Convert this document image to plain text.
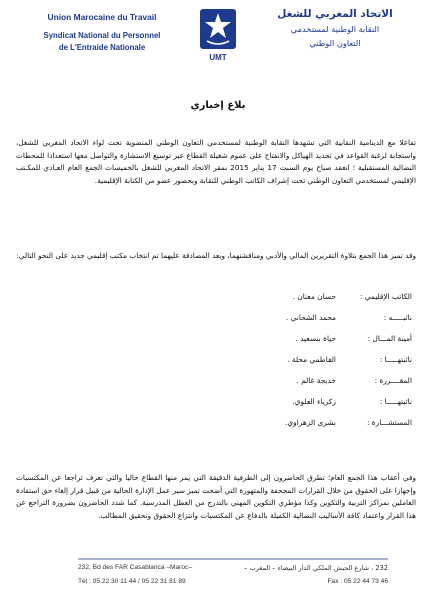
Union Marocaine du Travail
Syndicat National du Personnel
de L'Entraide Nationale
UMT
الاتحاد المغربي للشغل
النقابة الوطنية لمستخدمي
التعاون الوطني
بلاغ إخباري
تفاعلا مع الدينامية النقابية التي تشهدها النقابة الوطنية لمستخدمي التعاون الوطني المنضوية تحت لواء الاتحاد المغربي للشغل، واستجابة لرغبة القواعد في تجديد الهياكل والانفتاح على عموم شغيلة القطاع عبر توسيع الاستشارة والتواصل معها استعدادا للمحطات النضالية المستقبلية ؛ انعقد صباح يوم السبت 17 يناير 2015 بمقر الاتحاد المغربي للشغل بالخميسات الجمع العام العـادي للمكـتب الإقليمي لمستخدمي التعاون الوطني تحت إشراف الكاتب الوطني للنقابة وبحضور عضو من الكتابة الإقليمية.
وقد تميز هذا الجمع بتلاوة التقريرين المالي والأدبي ومناقشتهما، وبعد المصادقة عليهما تم انتخاب مكتب إقليمي جديد على النحو التالي:
الكاتب الإقليمي :
حسان معنان .
نائبـــــه :
محمد الشحاني .
أمينة المـــال :
حياة بنسعيد .
نائبتهـــــا :
الفاطمي محلة .
المقــــررة :
خديجة غالم .
نائبتهـــــا :
زكرياء العلوي.
المستشـــارة :
بشرى الزهراوي.
وفي أعقاب هذا الجمع العام؛ تطرق الحاضرون إلى الظرفية الدقيقة التي يمر منها القطاع حاليا والتي تعرف تراجعا عن المكتسبات وإجهازا على الحقوق من خلال القرارات المجحفة والمتهورة التي أضحت تميز سير عمل الإدارة الحالية من قبيل قرار إلغاء حق استفادة العاملين بمراكز التربية والتكوين وكذا مؤطري التكوين المهني بالتدرج من العطل المدرسية. كما شدد الحاضرون بضرورة التراجع عن هذا القرار واعتماد كافة الأساليب النضالية الكفيلة بالدفاع عن المكتسبات وانتزاع الحقوق وتحقيق المطالب.
232, Bd des FAR Casablanca –Maroc–	232 ، شارع الجيش الملكي الدار البيضاء – المغرب –
Tél : 05 22 30 11 44 / 05 22 31 81 89	Fax : 05 22 44 73 46
